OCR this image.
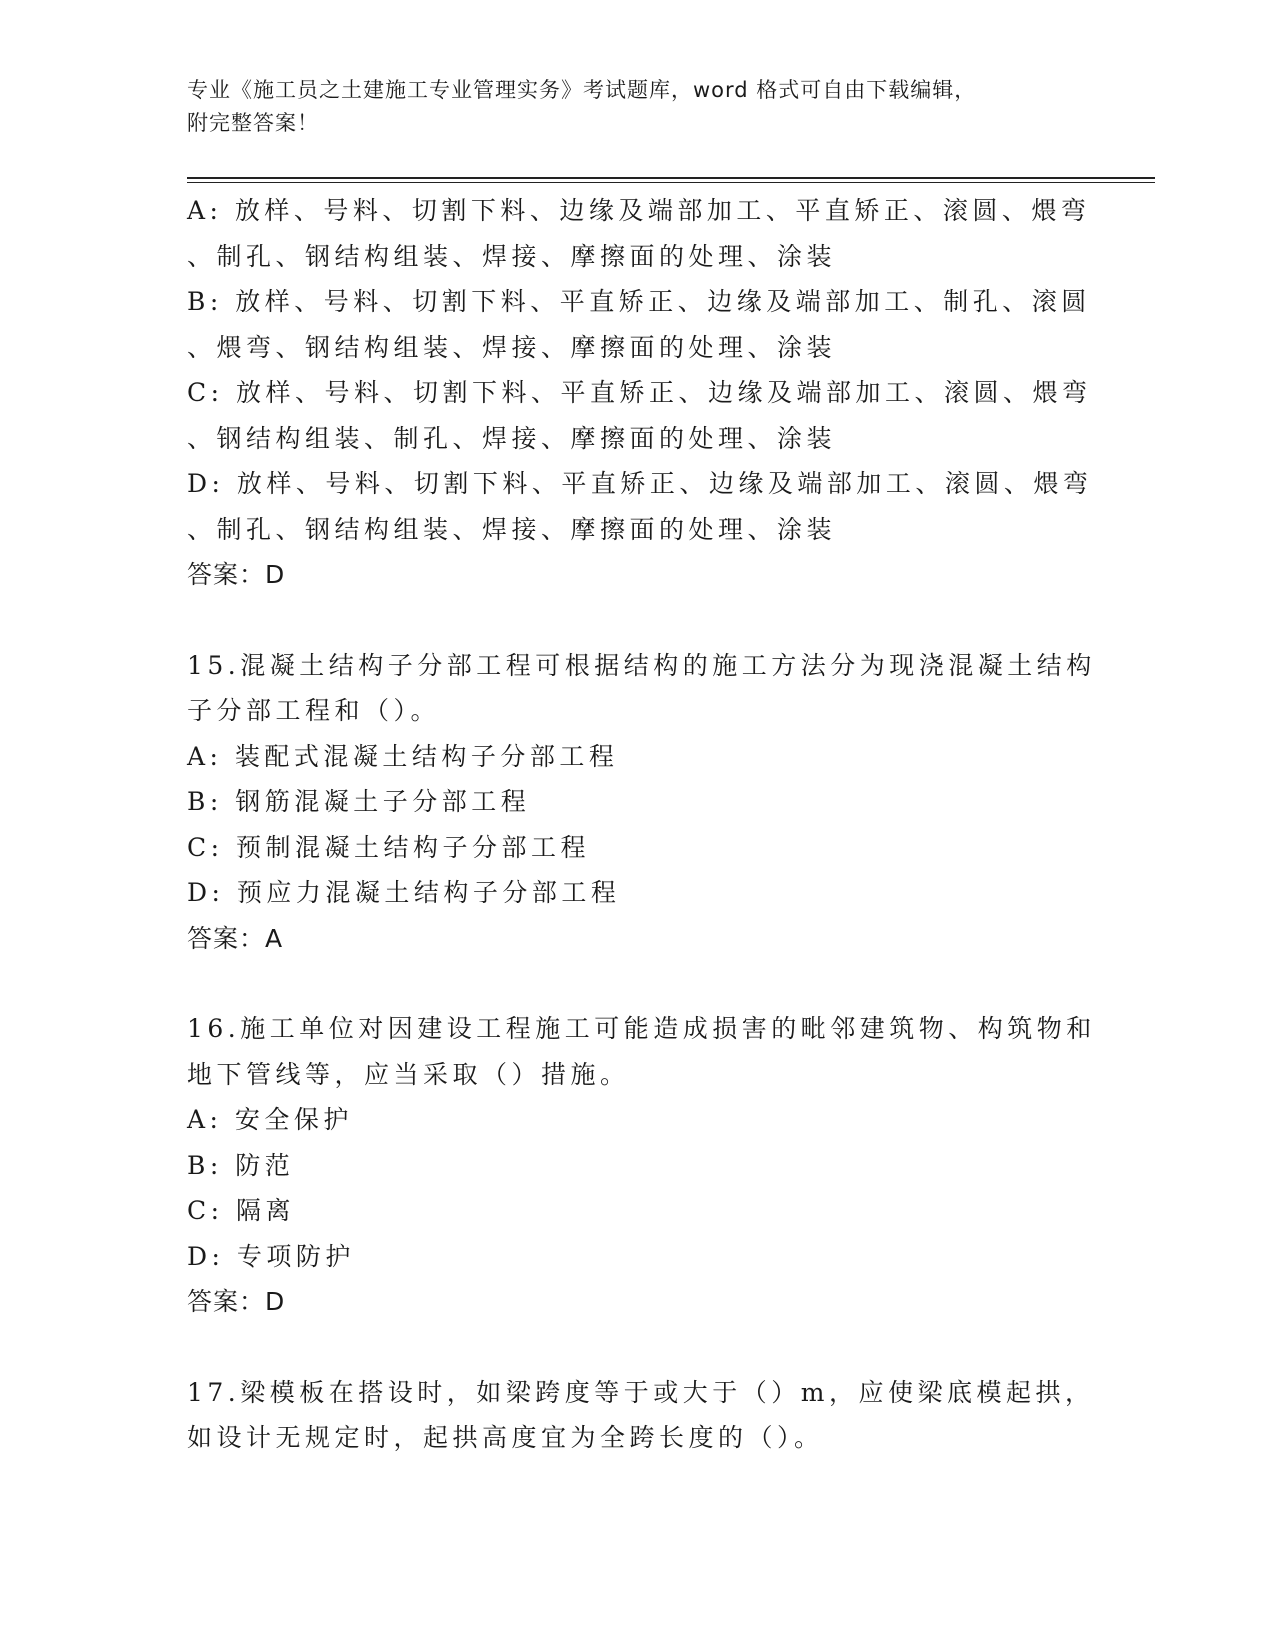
专业《施工员之土建施工专业管理实务》考试题库，word 格式可自由下载编辑，
附完整答案！
A: 放样、号料、切割下料、边缘及端部加工、平直矫正、滚圆、煨弯
、制孔、钢结构组装、焊接、摩擦面的处理、涂装
B: 放样、号料、切割下料、平直矫正、边缘及端部加工、制孔、滚圆
、煨弯、钢结构组装、焊接、摩擦面的处理、涂装
C: 放样、号料、切割下料、平直矫正、边缘及端部加工、滚圆、煨弯
、钢结构组装、制孔、焊接、摩擦面的处理、涂装
D: 放样、号料、切割下料、平直矫正、边缘及端部加工、滚圆、煨弯
、制孔、钢结构组装、焊接、摩擦面的处理、涂装
答案：D
15.混凝土结构子分部工程可根据结构的施工方法分为现浇混凝土结构
子分部工程和（）。
A: 装配式混凝土结构子分部工程
B: 钢筋混凝土子分部工程
C: 预制混凝土结构子分部工程
D: 预应力混凝土结构子分部工程
答案：A
16.施工单位对因建设工程施工可能造成损害的毗邻建筑物、构筑物和
地下管线等，应当采取（）措施。
A: 安全保护
B: 防范
C: 隔离
D: 专项防护
答案：D
17.梁模板在搭设时，如梁跨度等于或大于（）m，应使梁底模起拱，
如设计无规定时，起拱高度宜为全跨长度的（）。
